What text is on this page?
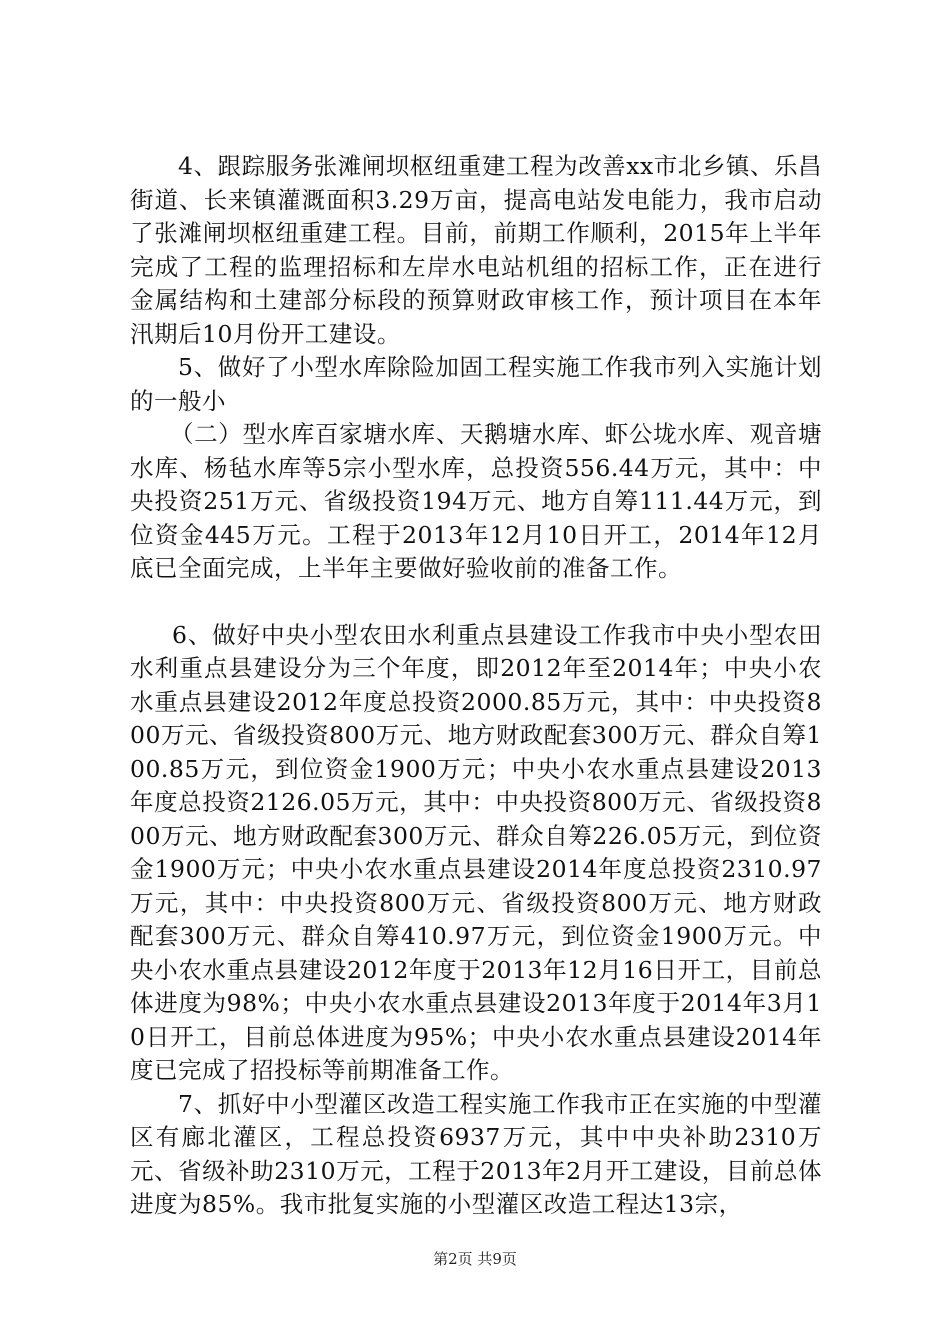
4、跟踪服务张滩闸坝枢纽重建工程为改善xx市北乡镇、乐昌街道、长来镇灌溉面积3.29万亩，提高电站发电能力，我市启动了张滩闸坝枢纽重建工程。目前，前期工作顺利，2015年上半年完成了工程的监理招标和左岸水电站机组的招标工作，正在进行金属结构和土建部分标段的预算财政审核工作，预计项目在本年汛期后10月份开工建设。

5、做好了小型水库除险加固工程实施工作我市列入实施计划的一般小

（二）型水库百家塘水库、天鹅塘水库、虾公垅水库、观音塘水库、杨毡水库等5宗小型水库，总投资556.44万元，其中：中央投资251万元、省级投资194万元、地方自筹111.44万元，到位资金445万元。工程于2013年12月10日开工，2014年12月底已全面完成，上半年主要做好验收前的准备工作。

6、做好中央小型农田水利重点县建设工作我市中央小型农田水利重点县建设分为三个年度，即2012年至2014年；中央小农水重点县建设2012年度总投资2000.85万元，其中：中央投资800万元、省级投资800万元、地方财政配套300万元、群众自筹100.85万元，到位资金1900万元；中央小农水重点县建设2013年度总投资2126.05万元，其中：中央投资800万元、省级投资800万元、地方财政配套300万元、群众自筹226.05万元，到位资金1900万元；中央小农水重点县建设2014年度总投资2310.97万元，其中：中央投资800万元、省级投资800万元、地方财政配套300万元、群众自筹410.97万元，到位资金1900万元。中央小农水重点县建设2012年度于2013年12月16日开工，目前总体进度为98%；中央小农水重点县建设2013年度于2014年3月10日开工，目前总体进度为95%；中央小农水重点县建设2014年度已完成了招投标等前期准备工作。

7、抓好中小型灌区改造工程实施工作我市正在实施的中型灌区有廊北灌区，工程总投资6937万元，其中中央补助2310万元、省级补助2310万元，工程于2013年2月开工建设，目前总体进度为85%。我市批复实施的小型灌区改造工程达13宗，

第2页 共9页
